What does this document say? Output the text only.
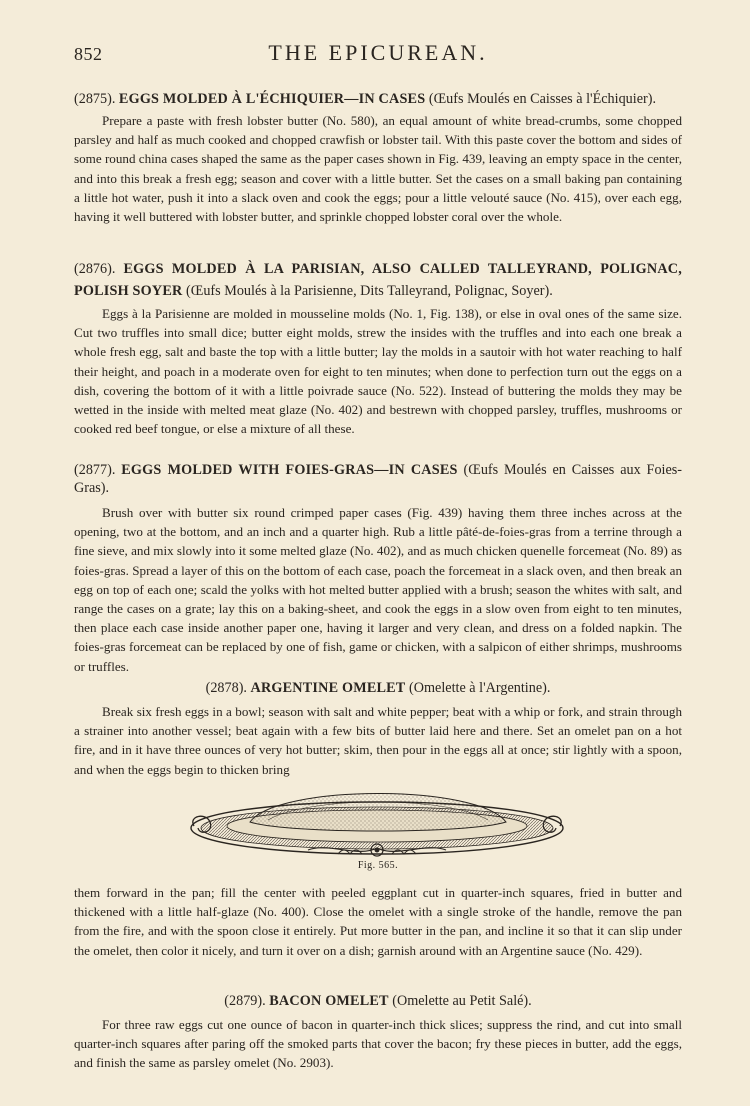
852	THE EPICUREAN.

(2875). EGGS MOLDED À L'ÉCHIQUIER—IN CASES (Œufs Moulés en Caisses à l'Échiquier).

Prepare a paste with fresh lobster butter (No. 580), an equal amount of white bread-crumbs, some chopped parsley and half as much cooked and chopped crawfish or lobster tail. With this paste cover the bottom and sides of some round china cases shaped the same as the paper cases shown in Fig. 439, leaving an empty space in the center, and into this break a fresh egg; season and cover with a little butter. Set the cases on a small baking pan containing a little hot water, push it into a slack oven and cook the eggs; pour a little velouté sauce (No. 415), over each egg, having it well buttered with lobster butter, and sprinkle chopped lobster coral over the whole.

(2876). EGGS MOLDED À LA PARISIAN, ALSO CALLED TALLEYRAND, POLIGNAC, POLISH SOYER (Œufs Moulés à la Parisienne, Dits Talleyrand, Polignac, Soyer).

Eggs à la Parisienne are molded in mousseline molds (No. 1, Fig. 138), or else in oval ones of the same size. Cut two truffles into small dice; butter eight molds, strew the insides with the truffles and into each one break a whole fresh egg, salt and baste the top with a little butter; lay the molds in a sautoir with hot water reaching to half their height, and poach in a moderate oven for eight to ten minutes; when done to perfection turn out the eggs on a dish, covering the bottom of it with a little poivrade sauce (No. 522). Instead of buttering the molds they may be wetted in the inside with melted meat glaze (No. 402) and bestrewn with chopped parsley, truffles, mushrooms or cooked red beef tongue, or else a mixture of all these.

(2877). EGGS MOLDED WITH FOIES-GRAS—IN CASES (Œufs Moulés en Caisses aux Foies-Gras).

Brush over with butter six round crimped paper cases (Fig. 439) having them three inches across at the opening, two at the bottom, and an inch and a quarter high. Rub a little pâté-de-foies-gras from a terrine through a fine sieve, and mix slowly into it some melted glaze (No. 402), and as much chicken quenelle forcemeat (No. 89) as foies-gras. Spread a layer of this on the bottom of each case, poach the forcemeat in a slack oven, and then break an egg on top of each one; scald the yolks with hot melted butter applied with a brush; season the whites with salt, and range the cases on a grate; lay this on a baking-sheet, and cook the eggs in a slow oven from eight to ten minutes, then place each case inside another paper one, having it larger and very clean, and dress on a folded napkin. The foies-gras forcemeat can be replaced by one of fish, game or chicken, with a salpicon of either shrimps, mushrooms or truffles.

(2878). ARGENTINE OMELET (Omelette à l'Argentine).

Break six fresh eggs in a bowl; season with salt and white pepper; beat with a whip or fork, and strain through a strainer into another vessel; beat again with a few bits of butter laid here and there. Set an omelet pan on a hot fire, and in it have three ounces of very hot butter; skim, then pour in the eggs all at once; stir lightly with a spoon, and when the eggs begin to thicken bring

Fig. 565.

them forward in the pan; fill the center with peeled eggplant cut in quarter-inch squares, fried in butter and thickened with a little half-glaze (No. 400). Close the omelet with a single stroke of the handle, remove the pan from the fire, and with the spoon close it entirely. Put more butter in the pan, and incline it so that it can slip under the omelet, then color it nicely, and turn it over on a dish; garnish around with an Argentine sauce (No. 429).

(2879). BACON OMELET (Omelette au Petit Salé).

For three raw eggs cut one ounce of bacon in quarter-inch thick slices; suppress the rind, and cut into small quarter-inch squares after paring off the smoked parts that cover the bacon; fry these pieces in butter, add the eggs, and finish the same as parsley omelet (No. 2903).
